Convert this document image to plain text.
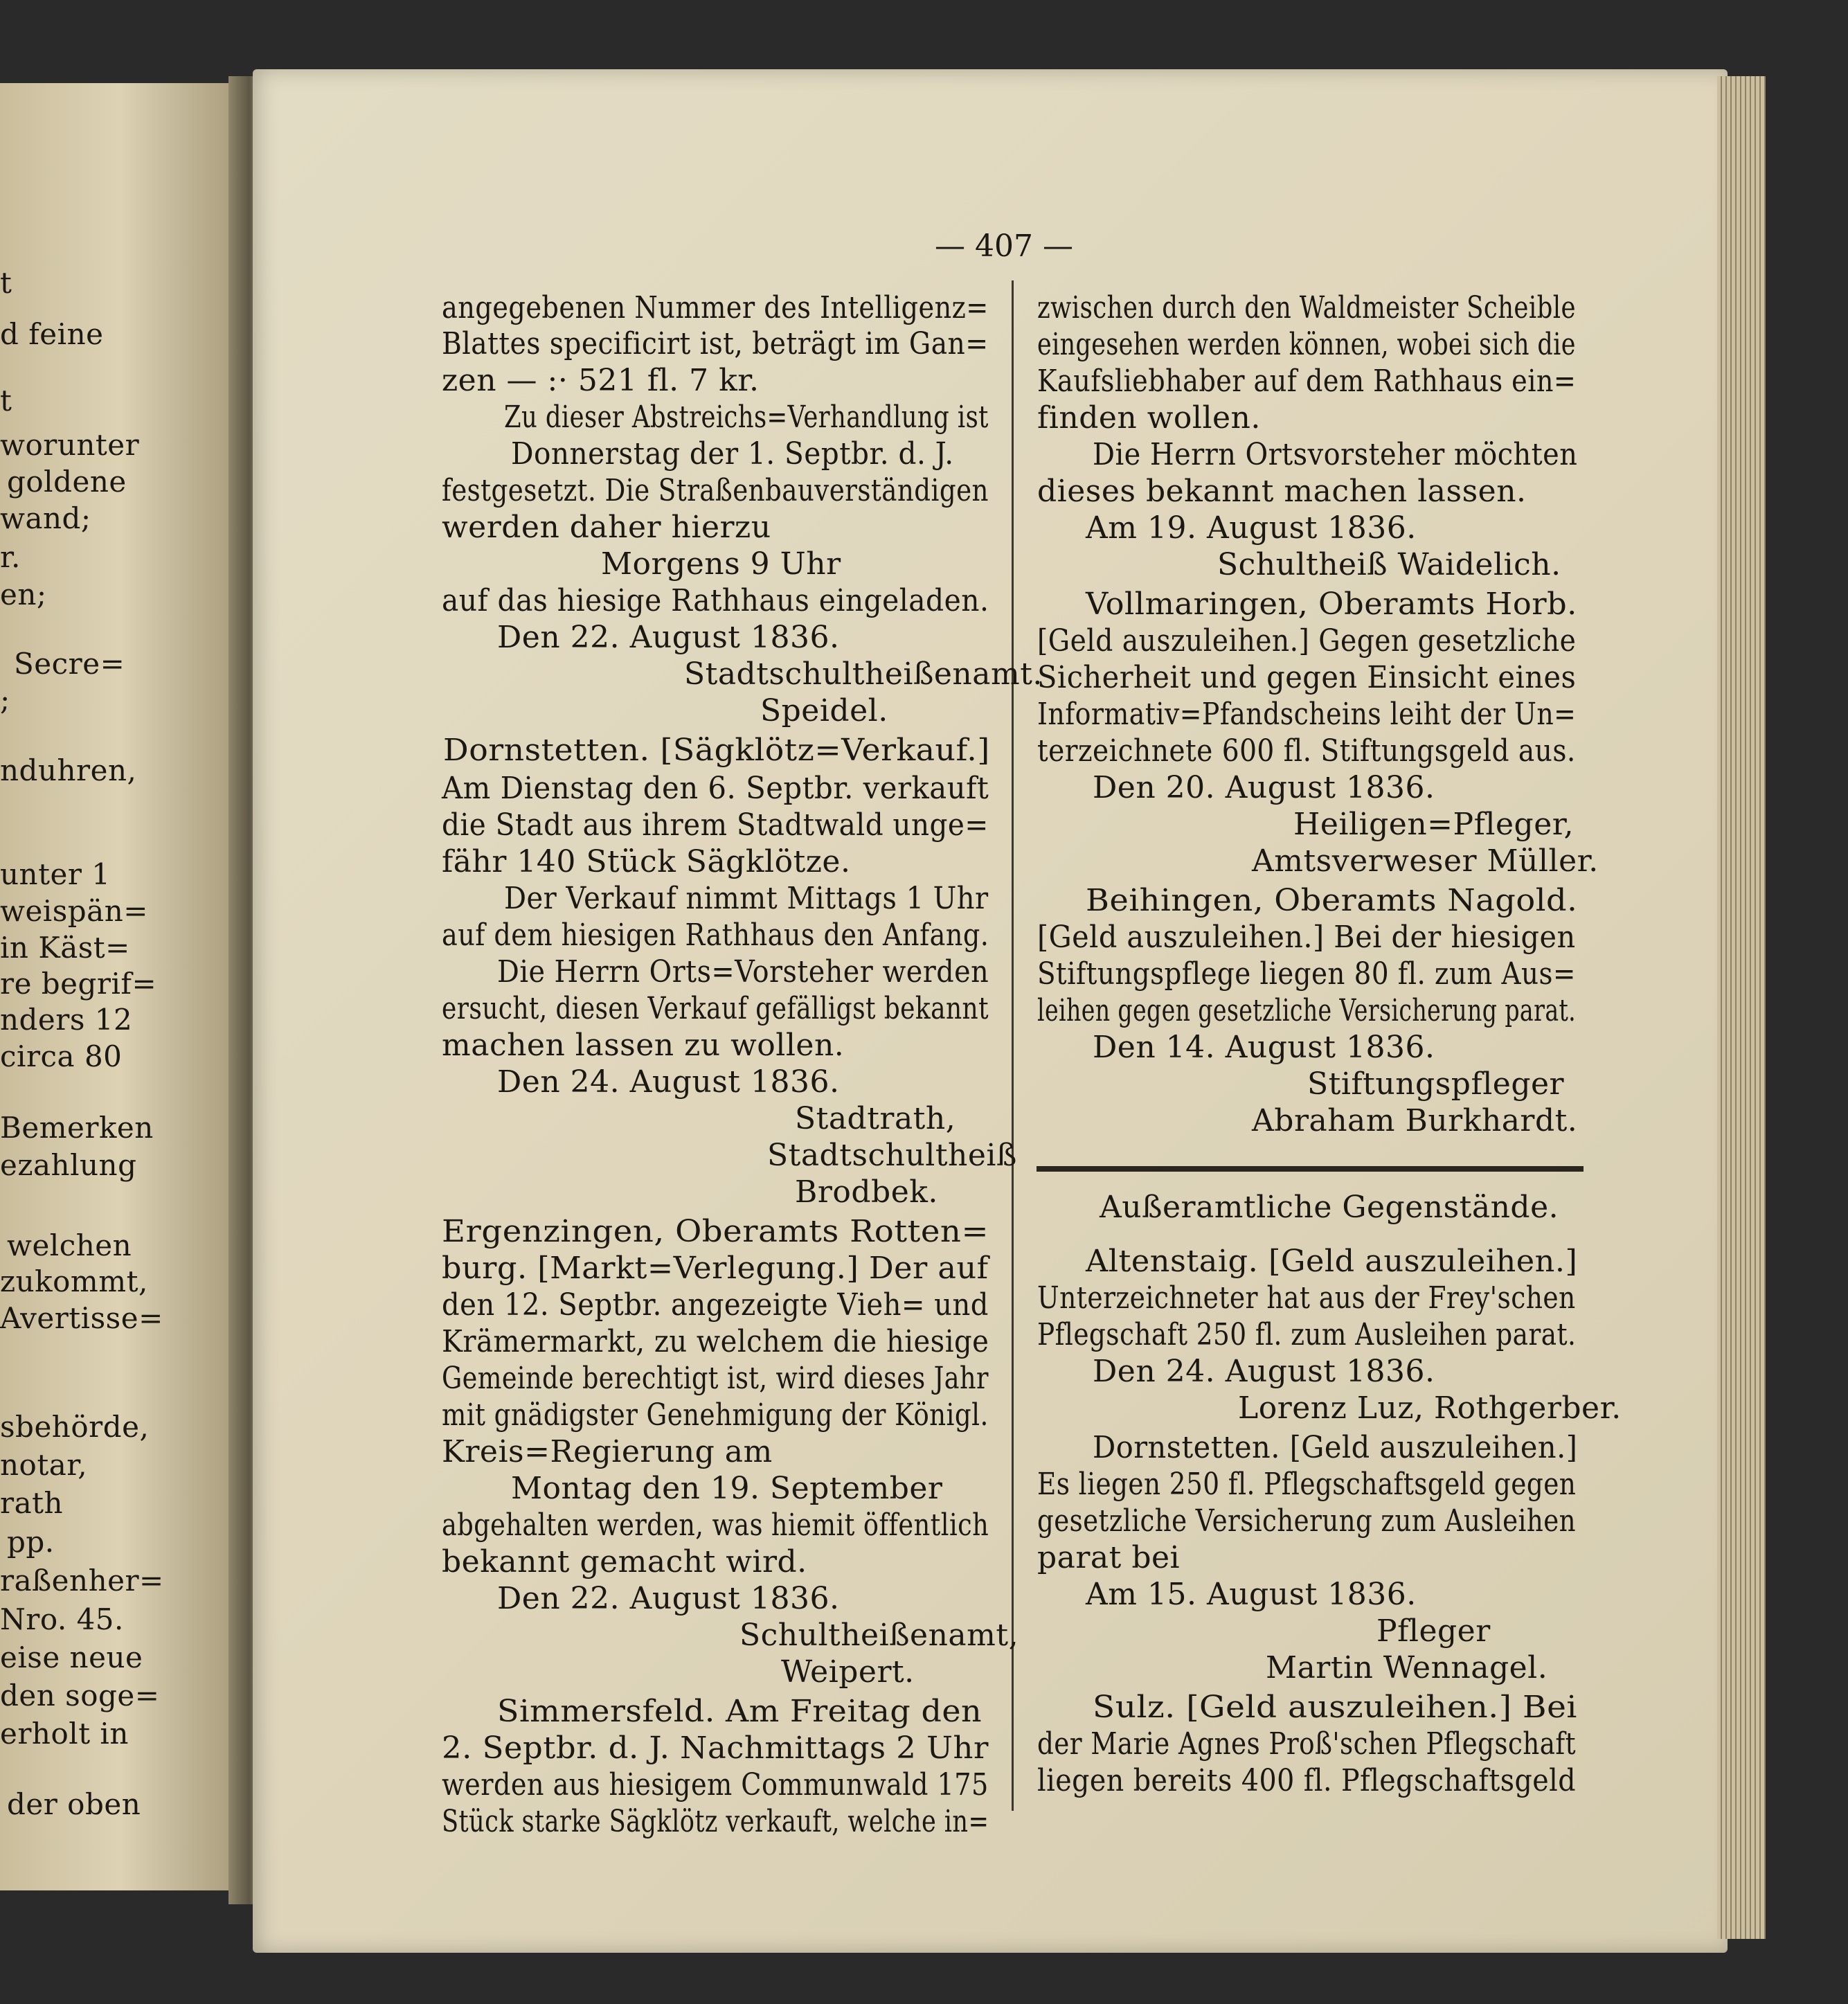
— 407 —
t
d feine
t
worunter
goldene
wand;
r.
en;
Secre=
;
nduhren,
unter 1
weispän=
in Käst=
re begrif=
nders 12
circa 80
Bemerken
ezahlung
welchen
zukommt,
Avertisse=
sbehörde,
notar,
rath
pp.
raßenher=
Nro. 45.
eise neue
den soge=
erholt in
der oben
angegebenen Nummer des Intelligenz=
Blattes specificirt ist, beträgt im Gan=
zen — :· 521 fl. 7 kr.
Zu dieser Abstreichs=Verhandlung ist
Donnerstag der 1. Septbr. d. J.
festgesetzt. Die Straßenbauverständigen
werden daher hierzu
Morgens 9 Uhr
auf das hiesige Rathhaus eingeladen.
Den 22. August 1836.
Stadtschultheißenamt.
Speidel.
Dornstetten. [Sägklötz=Verkauf.]
Am Dienstag den 6. Septbr. verkauft
die Stadt aus ihrem Stadtwald unge=
fähr 140 Stück Sägklötze.
Der Verkauf nimmt Mittags 1 Uhr
auf dem hiesigen Rathhaus den Anfang.
Die Herrn Orts=Vorsteher werden
ersucht, diesen Verkauf gefälligst bekannt
machen lassen zu wollen.
Den 24. August 1836.
Stadtrath,
Stadtschultheiß
Brodbek.
Ergenzingen, Oberamts Rotten=
burg. [Markt=Verlegung.] Der auf
den 12. Septbr. angezeigte Vieh= und
Krämermarkt, zu welchem die hiesige
Gemeinde berechtigt ist, wird dieses Jahr
mit gnädigster Genehmigung der Königl.
Kreis=Regierung am
Montag den 19. September
abgehalten werden, was hiemit öffentlich
bekannt gemacht wird.
Den 22. August 1836.
Schultheißenamt,
Weipert.
Simmersfeld. Am Freitag den
2. Septbr. d. J. Nachmittags 2 Uhr
werden aus hiesigem Communwald 175
Stück starke Sägklötz verkauft, welche in=
zwischen durch den Waldmeister Scheible
eingesehen werden können, wobei sich die
Kaufsliebhaber auf dem Rathhaus ein=
finden wollen.
Die Herrn Ortsvorsteher möchten
dieses bekannt machen lassen.
Am 19. August 1836.
Schultheiß Waidelich.
Vollmaringen, Oberamts Horb.
[Geld auszuleihen.] Gegen gesetzliche
Sicherheit und gegen Einsicht eines
Informativ=Pfandscheins leiht der Un=
terzeichnete 600 fl. Stiftungsgeld aus.
Den 20. August 1836.
Heiligen=Pfleger,
Amtsverweser Müller.
Beihingen, Oberamts Nagold.
[Geld auszuleihen.] Bei der hiesigen
Stiftungspflege liegen 80 fl. zum Aus=
leihen gegen gesetzliche Versicherung parat.
Den 14. August 1836.
Stiftungspfleger
Abraham Burkhardt.
Außeramtliche Gegenstände.
Altenstaig. [Geld auszuleihen.]
Unterzeichneter hat aus der Frey'schen
Pflegschaft 250 fl. zum Ausleihen parat.
Den 24. August 1836.
Lorenz Luz, Rothgerber.
Dornstetten. [Geld auszuleihen.]
Es liegen 250 fl. Pflegschaftsgeld gegen
gesetzliche Versicherung zum Ausleihen
parat bei
Am 15. August 1836.
Pfleger
Martin Wennagel.
Sulz. [Geld auszuleihen.] Bei
der Marie Agnes Proß'schen Pflegschaft
liegen bereits 400 fl. Pflegschaftsgeld
